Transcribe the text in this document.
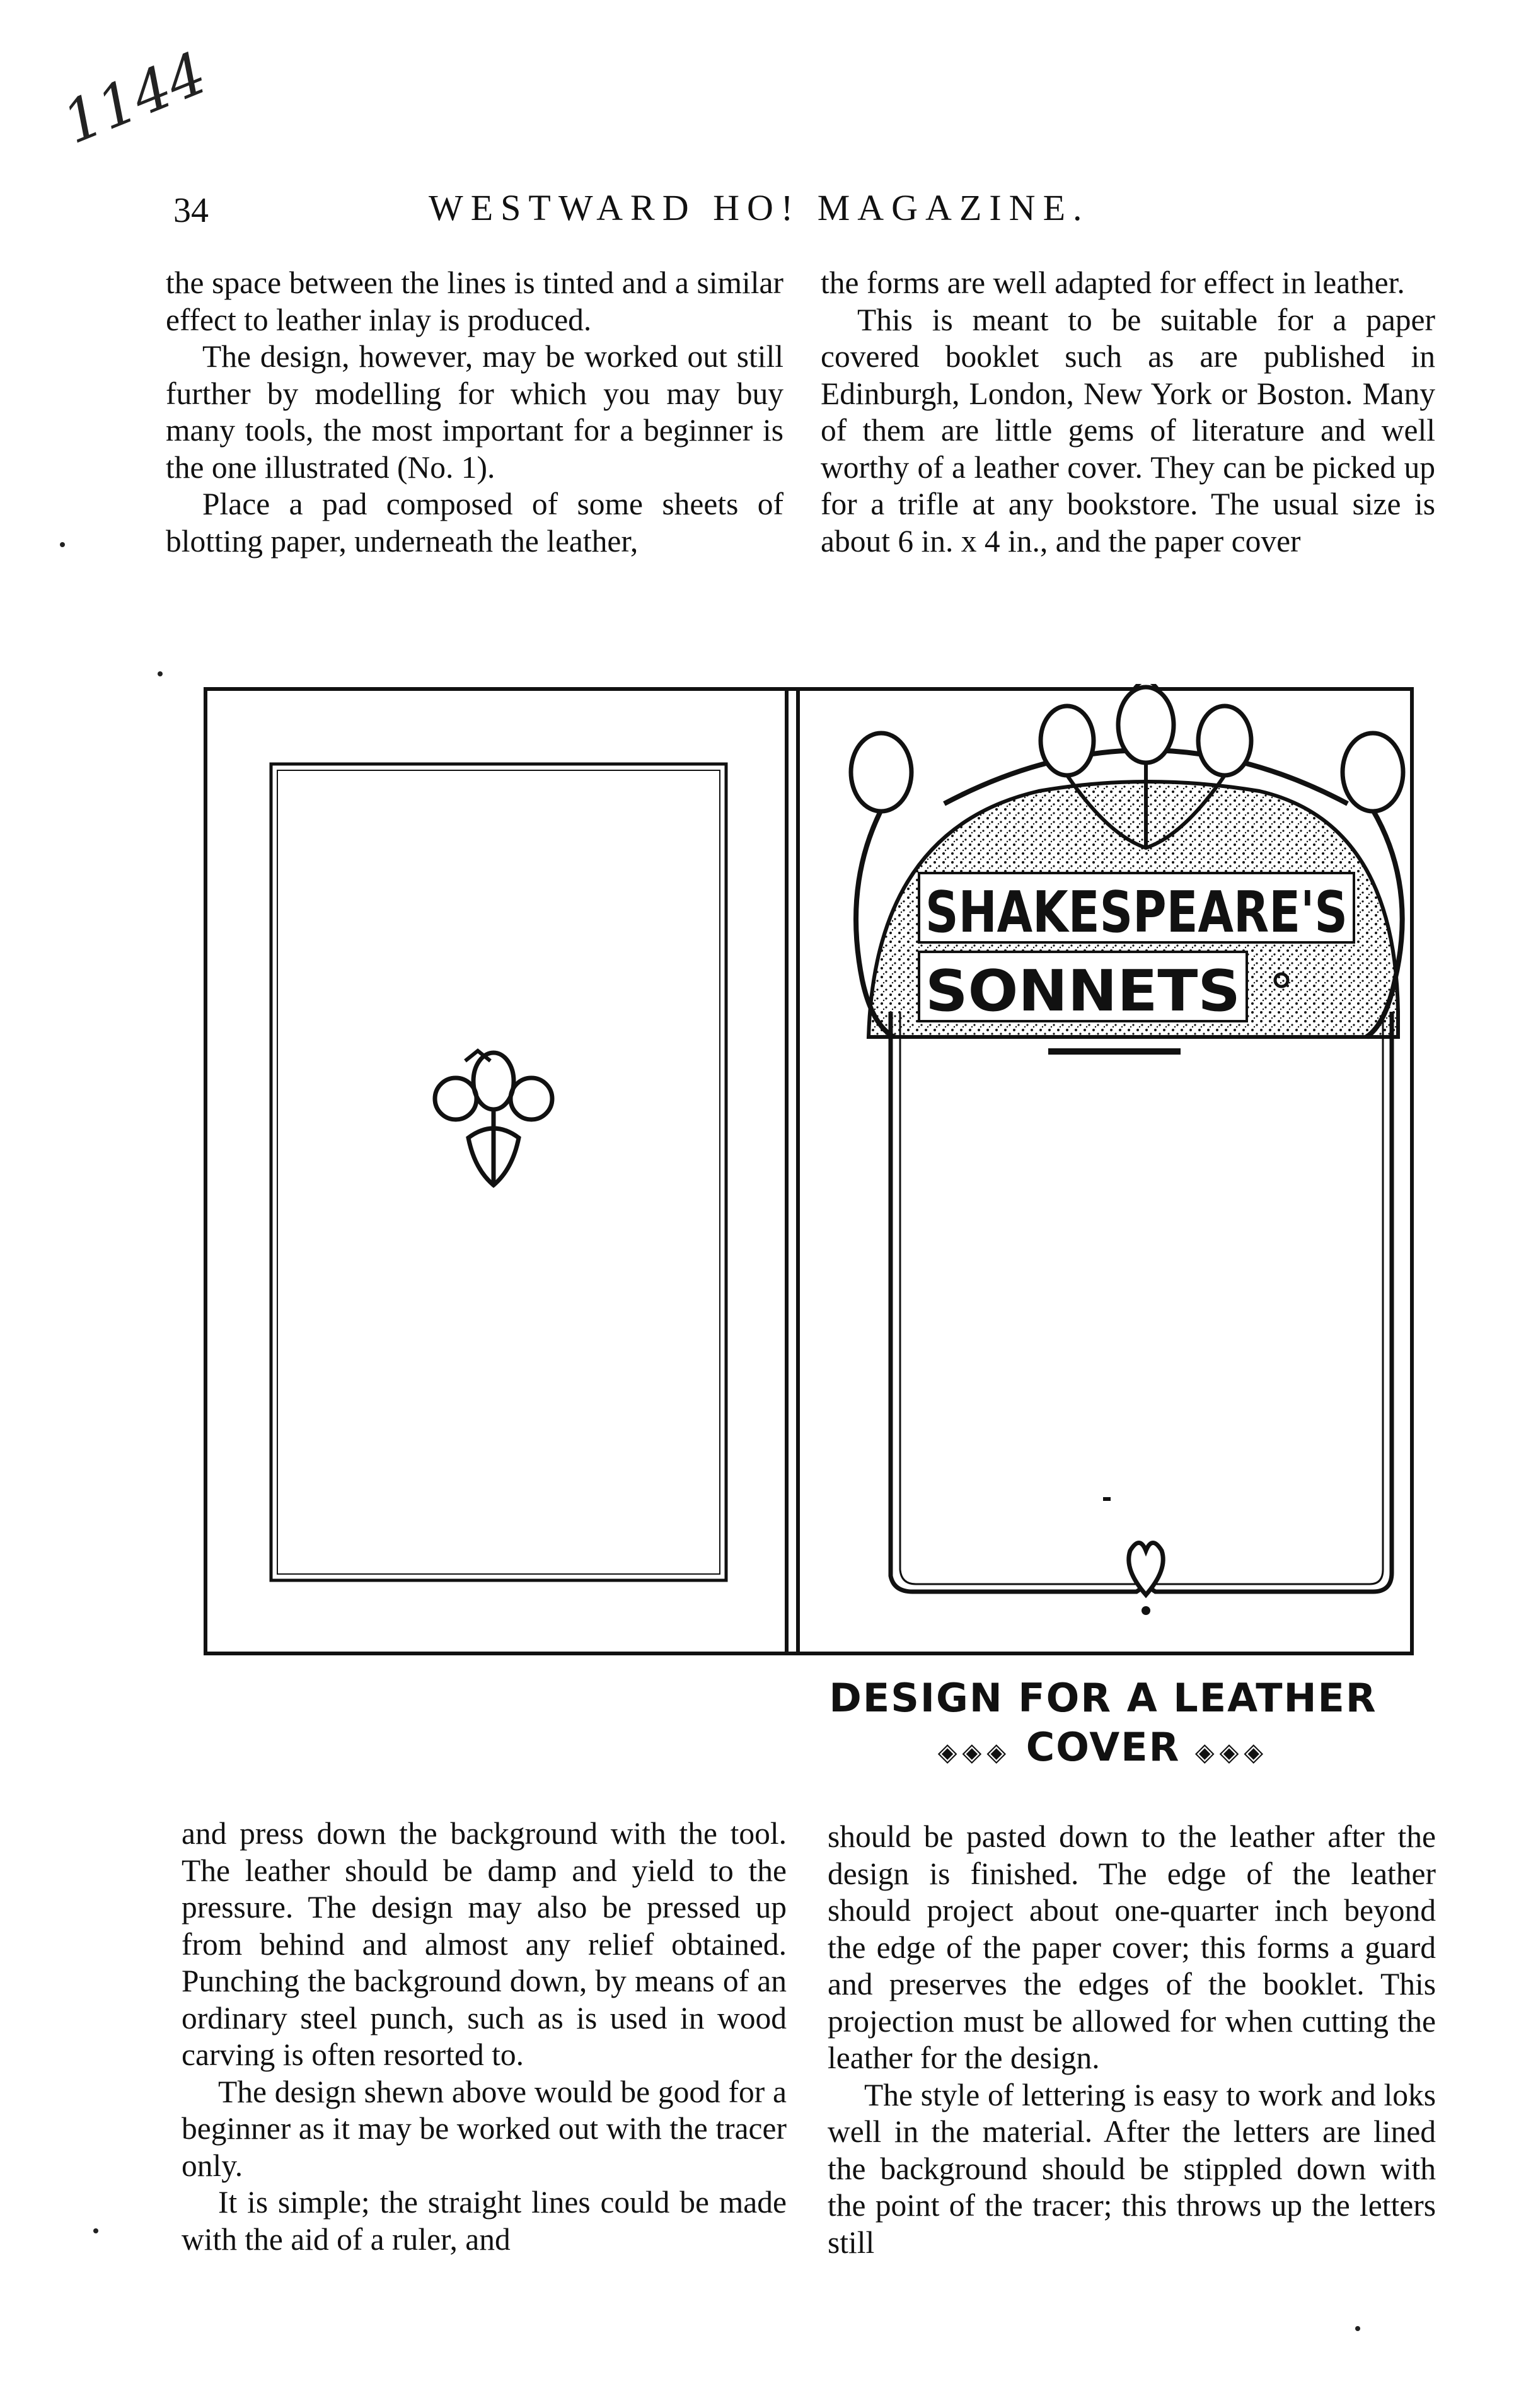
1144
34	WESTWARD HO! MAGAZINE.

the space between the lines is tinted and a similar effect to leather inlay is produced.

The design, however, may be worked out still further by modelling for which you may buy many tools, the most important for a beginner is the one illustrated (No. 1).

Place a pad composed of some sheets of blotting paper, underneath the leather,

the forms are well adapted for effect in leather.

This is meant to be suitable for a paper covered booklet such as are published in Edinburgh, London, New York or Boston. Many of them are little gems of literature and well worthy of a leather cover. They can be picked up for a trifle at any bookstore. The usual size is about 6 in. x 4 in., and the paper cover

SHAKESPEARE'S
SONNETS
DESIGN FOR A LEATHER
◈◈◈ COVER ◈◈◈

and press down the background with the tool. The leather should be damp and yield to the pressure. The design may also be pressed up from behind and almost any relief obtained. Punching the background down, by means of an ordinary steel punch, such as is used in wood carving is often resorted to.

The design shewn above would be good for a beginner as it may be worked out with the tracer only.

It is simple; the straight lines could be made with the aid of a ruler, and

should be pasted down to the leather after the design is finished. The edge of the leather should project about one-quarter inch beyond the edge of the paper cover; this forms a guard and preserves the edges of the booklet. This projection must be allowed for when cutting the leather for the design.

The style of lettering is easy to work and loks well in the material. After the letters are lined the background should be stippled down with the point of the tracer; this throws up the letters still
